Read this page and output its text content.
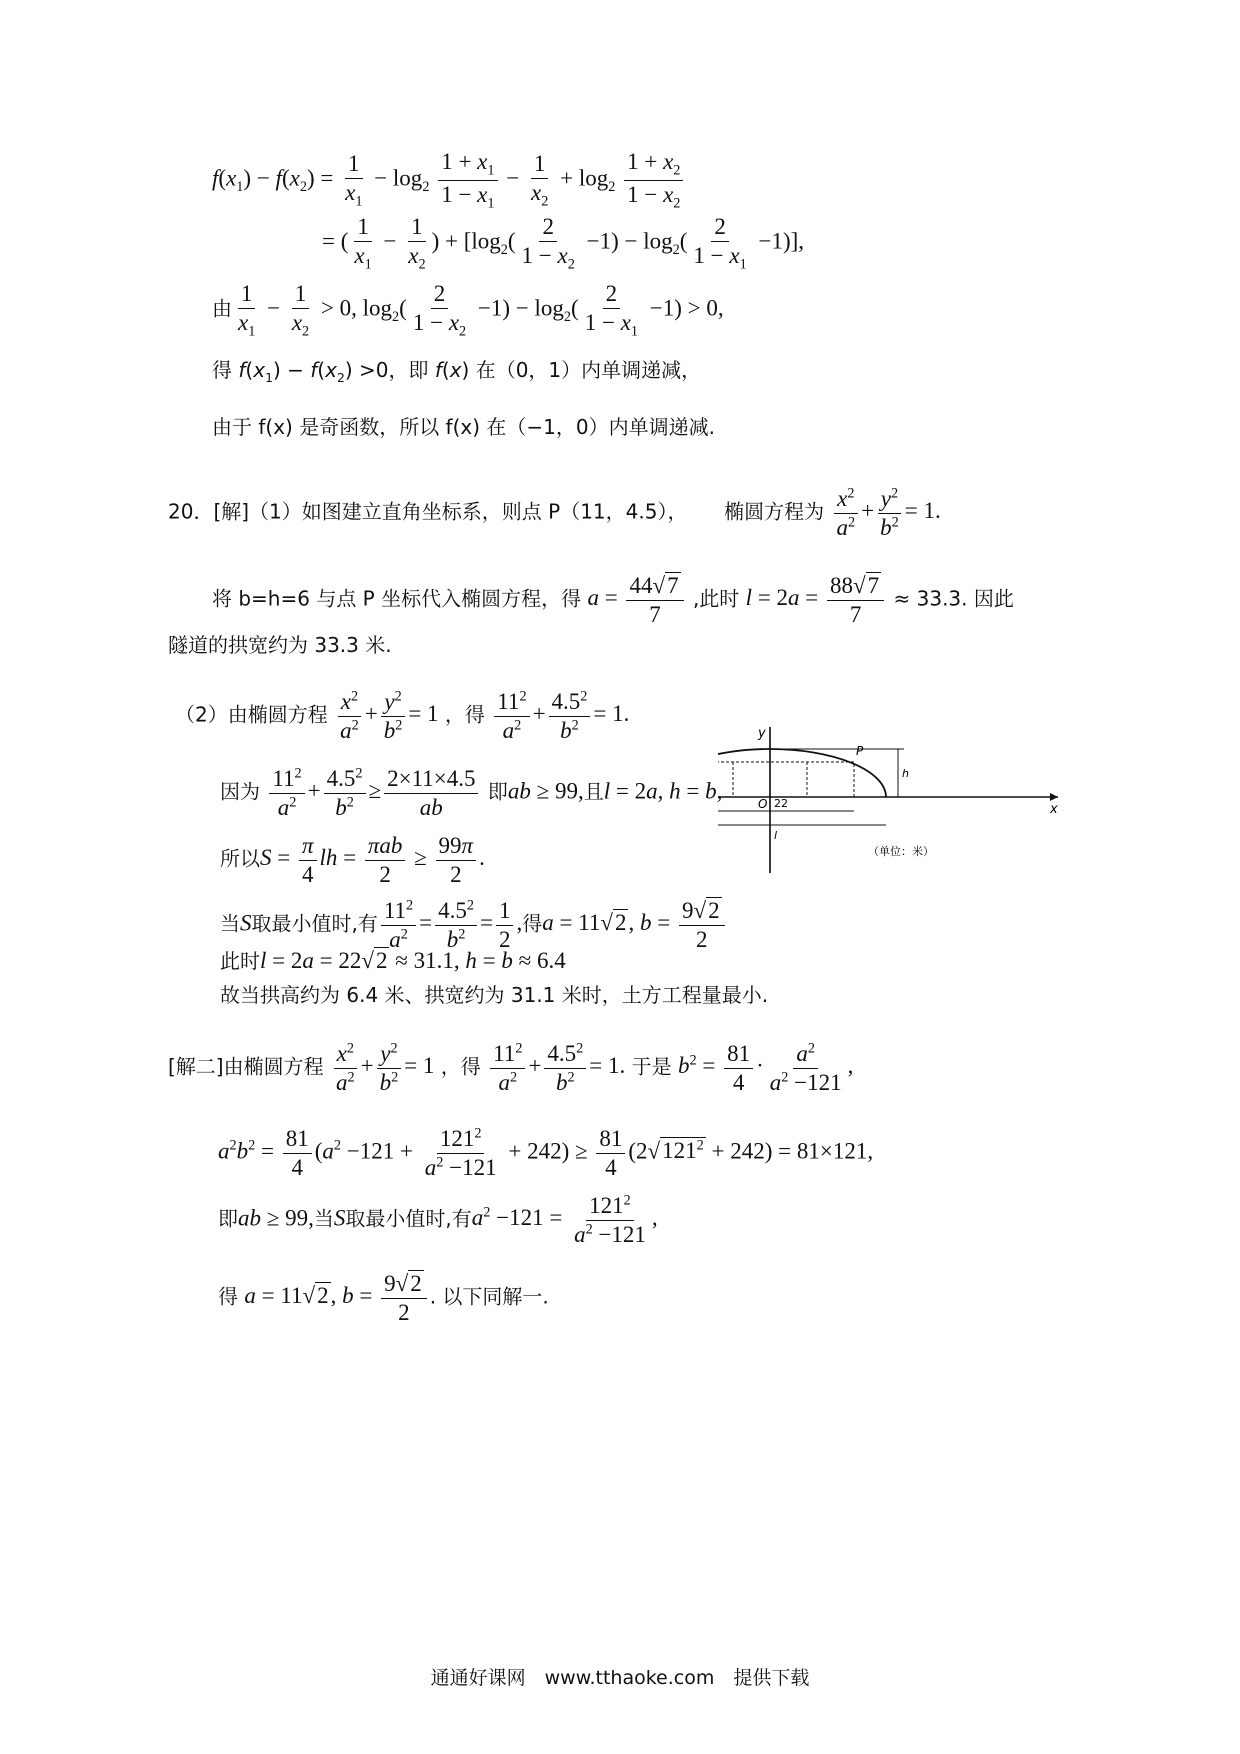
$f(x_1) - f(x_2) = \frac{1}{x_1} - \log_2 \frac{1 + x_1}{1 - x_1} - \frac{1}{x_2} + \log_2 \frac{1 + x_2}{1 - x_2}$
= ( $\frac{1}{x_1} - \frac{1}{x_2}$ ) + $[\log_2( \frac{2}{1 - x_2} -1) - \log_2( \frac{2}{1 - x_1} -1)]$,
由 $\frac{1}{x_1} - \frac{1}{x_2} > 0$, $\log_2( \frac{2}{1 - x_2} -1) - \log_2( \frac{2}{1 - x_1} -1) > 0$,
得 $f(x_1) - f(x_2) >0$，即 f(x) 在（0，1）内单调递减，
由于 f(x) 是奇函数，所以 f(x) 在（−1，0）内单调递减.
20．[解]（1）如图建立直角坐标系，则点 P（11，4.5）， 椭圆方程为 $\frac{x^2}{a^2} + \frac{y^2}{b^2} = 1$.
将 b=h=6 与点 P 坐标代入椭圆方程，得 $a = \frac{44√7}{7}$ ,此时 $l = 2a = \frac{88√7}{7} \approx 33.3$. 因此
隧道的拱宽约为 33.3 米.
（2）由椭圆方程 $\frac{x^2}{a^2} + \frac{y^2}{b^2} = 1$ ，得 $\frac{11^2}{a^2} + \frac{4.5^2}{b^2} = 1$.
因为 $\frac{11^2}{a^2} + \frac{4.5^2}{b^2} \ge \frac{2\times 11\times 4.5}{ab}$ 即ab ≥ 99,且l = 2a, h = b,
所以$S = \frac{\pi}{4}$ lh = $\frac{\text{πab}}{2} \ge \frac{99\pi}{2}$ .
当S取最小值时,有 $\frac{11^2}{a^2} = \frac{4.5^2}{b^2} = \frac{1}{2}$ ,得a = 11√2, $b = \frac{9√2}{2}$
此时l = 2a = 22√2 ≈ 31.1, h = b ≈ 6.4
故当拱高约为 6.4 米、拱宽约为 31.1 米时，土方工程量最小.
[解二]由椭圆方程 $\frac{x^2}{a^2} + \frac{y^2}{b^2} = 1$ ，得 $\frac{11^2}{a^2} + \frac{4.5^2}{b^2} = 1$. 于是 $b^2 = \frac{81}{4} \cdot \frac{a^2}{a^2 -121}$ ,
$a^2b^2 = \frac{81}{4} (a^2 -121 + \frac{121^2}{a^2 -121} + 242) \ge \frac{81}{4} (2√121^2 + 242) = 81\times 121$,
即ab ≥ 99,当S取最小值时,有$a^2 -121 = \frac{121^2}{a^2 -121}$ ,
得 a = 11√2, $b = \frac{9√2}{2}$ . 以下同解一.
y
x
O
P
h
22
l
（单位：米）
通通好课网　www.tthaoke.com　提供下载
